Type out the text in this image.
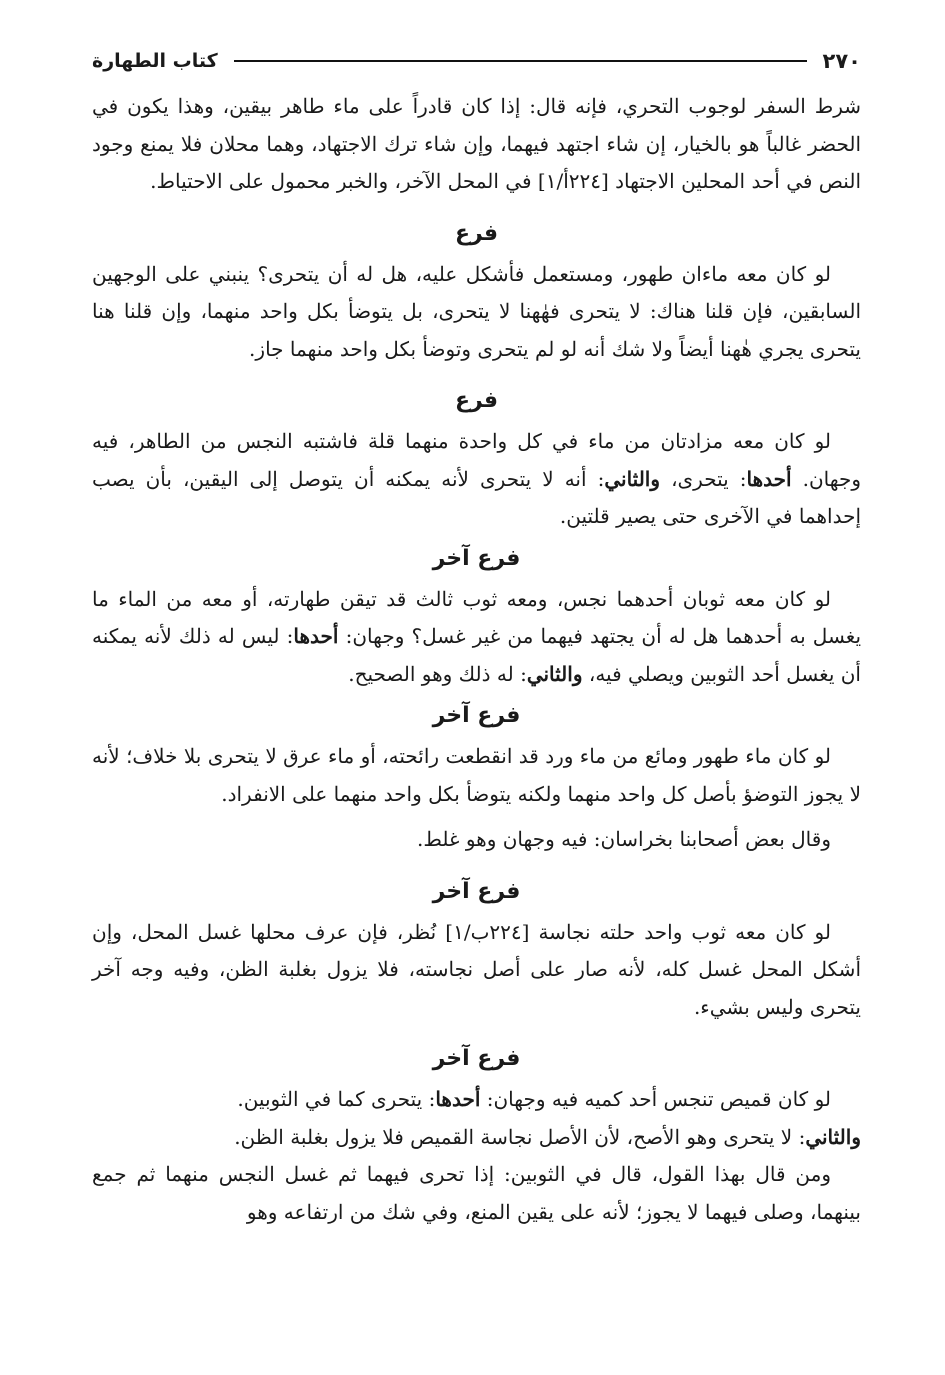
٢٧٠
كتاب الطهارة

شرط السفر لوجوب التحري، فإنه قال: إذا كان قادراً على ماء طاهر بيقين، وهذا يكون في الحضر غالباً هو بالخيار، إن شاء اجتهد فيهما، وإن شاء ترك الاجتهاد، وهما محلان فلا يمنع وجود النص في أحد المحلين الاجتهاد [٢٢٤أ/١] في المحل الآخر، والخبر محمول على الاحتياط.

فرع

لو كان معه ماءان طهور، ومستعمل فأشكل عليه، هل له أن يتحرى؟ ينبني على الوجهين السابقين، فإن قلنا هناك: لا يتحرى فهٰهنا لا يتحرى، بل يتوضأ بكل واحد منهما، وإن قلنا هنا يتحرى يجري هٰهنا أيضاً ولا شك أنه لو لم يتحرى وتوضأ بكل واحد منهما جاز.

فرع

لو كان معه مزادتان من ماء في كل واحدة منهما قلة فاشتبه النجس من الطاهر، فيه وجهان. أحدها: يتحرى، والثاني: أنه لا يتحرى لأنه يمكنه أن يتوصل إلى اليقين، بأن يصب إحداهما في الآخرى حتى يصير قلتين.

فرع آخر

لو كان معه ثوبان أحدهما نجس، ومعه ثوب ثالث قد تيقن طهارته، أو معه من الماء ما يغسل به أحدهما هل له أن يجتهد فيهما من غير غسل؟ وجهان: أحدها: ليس له ذلك لأنه يمكنه أن يغسل أحد الثوبين ويصلي فيه، والثاني: له ذلك وهو الصحيح.

فرع آخر

لو كان ماء طهور ومائع من ماء ورد قد انقطعت رائحته، أو ماء عرق لا يتحرى بلا خلاف؛ لأنه لا يجوز التوضؤ بأصل كل واحد منهما ولكنه يتوضأ بكل واحد منهما على الانفراد.

وقال بعض أصحابنا بخراسان: فيه وجهان وهو غلط.

فرع آخر

لو كان معه ثوب واحد حلته نجاسة [٢٢٤ب/١] نُظر، فإن عرف محلها غسل المحل، وإن أشكل المحل غسل كله، لأنه صار على أصل نجاسته، فلا يزول بغلبة الظن، وفيه وجه آخر يتحرى وليس بشيء.

فرع آخر

لو كان قميص تنجس أحد كميه فيه وجهان: أحدها: يتحرى كما في الثوبين.

والثاني: لا يتحرى وهو الأصح، لأن الأصل نجاسة القميص فلا يزول بغلبة الظن.

ومن قال بهذا القول، قال في الثوبين: إذا تحرى فيهما ثم غسل النجس منهما ثم جمع بينهما، وصلى فيهما لا يجوز؛ لأنه على يقين المنع، وفي شك من ارتفاعه وهو
